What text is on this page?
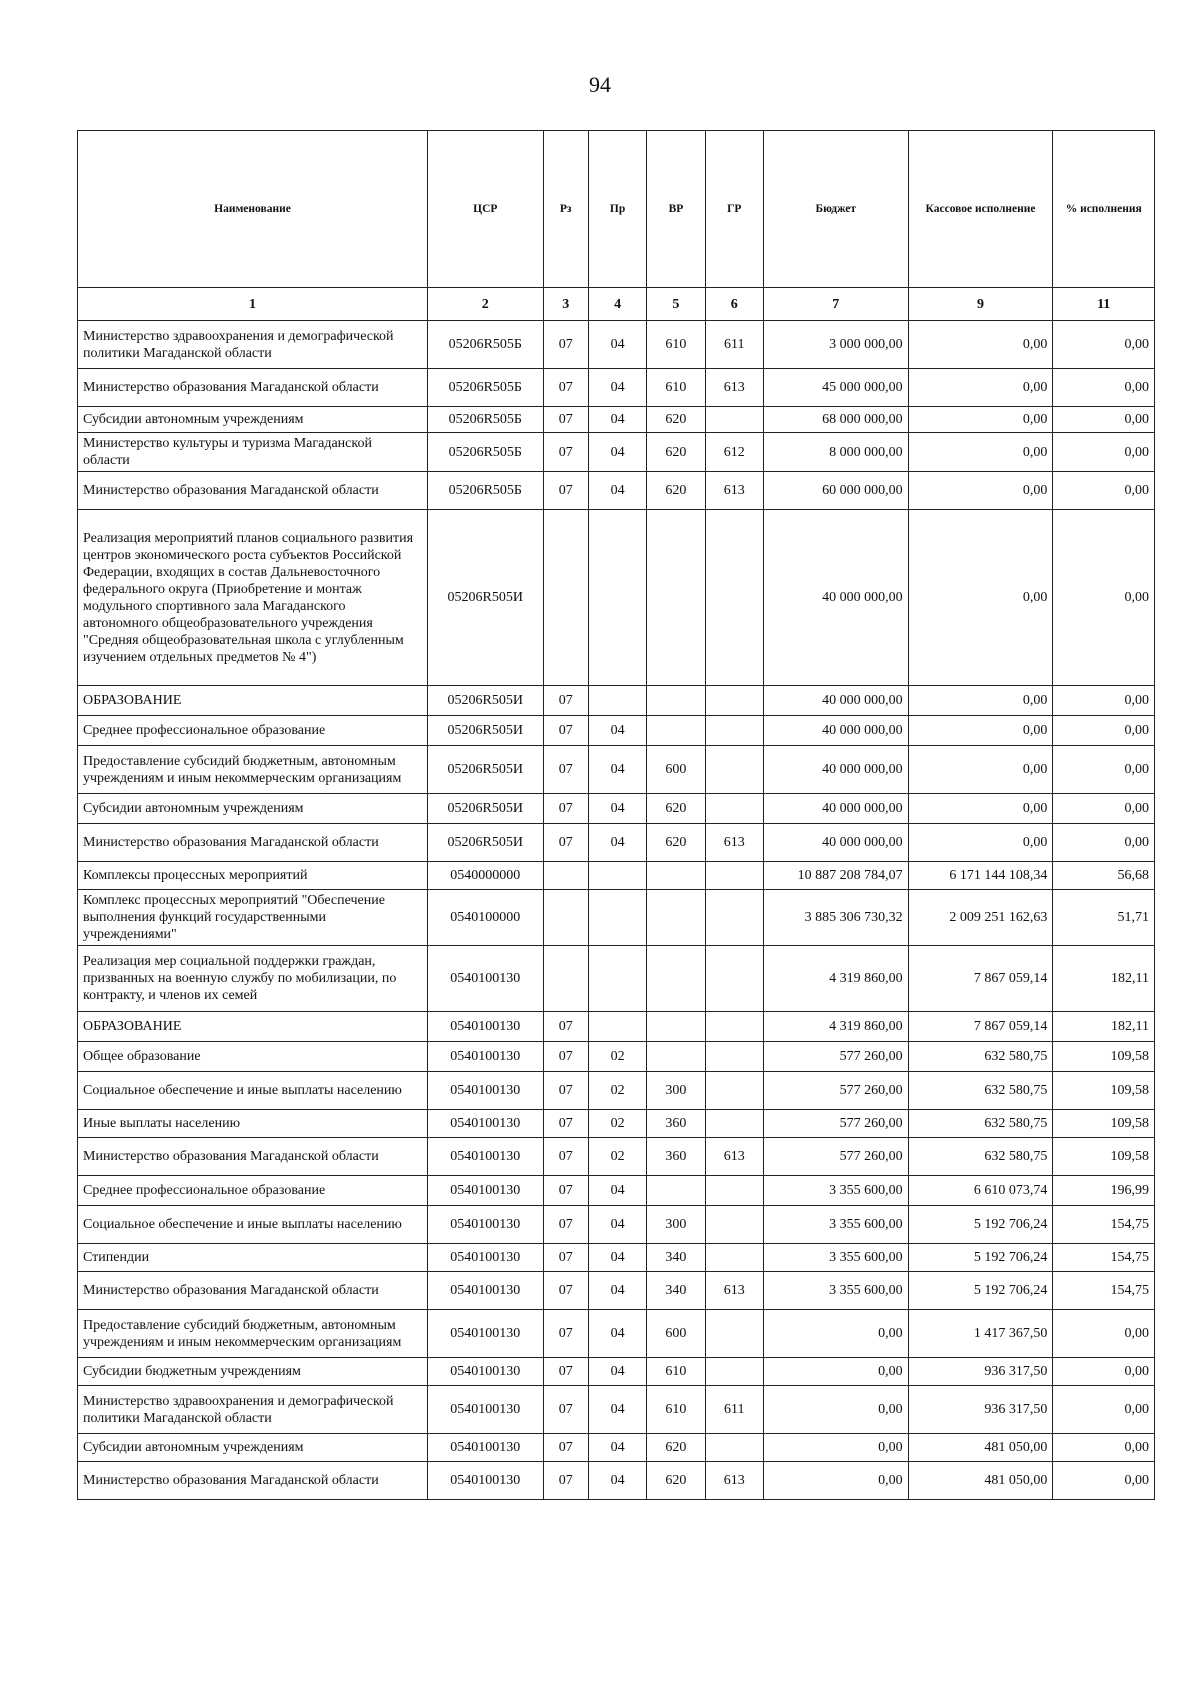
94
Наименование	ЦСР	Рз	Пр	ВР	ГР	Бюджет	Кассовое исполнение	% исполнения
1	2	3	4	5	6	7	9	11
Министерство здравоохранения и демографической политики Магаданской области	05206R505Б	07	04	610	611	3 000 000,00	0,00	0,00
Министерство образования Магаданской области	05206R505Б	07	04	610	613	45 000 000,00	0,00	0,00
Субсидии автономным учреждениям	05206R505Б	07	04	620		68 000 000,00	0,00	0,00
Министерство культуры и туризма Магаданской области	05206R505Б	07	04	620	612	8 000 000,00	0,00	0,00
Министерство образования Магаданской области	05206R505Б	07	04	620	613	60 000 000,00	0,00	0,00
Реализация мероприятий планов социального развития центров экономического роста субъектов Российской Федерации, входящих в состав Дальневосточного федерального округа (Приобретение и монтаж модульного спортивного зала Магаданского автономного общеобразовательного учреждения "Средняя общеобразовательная школа с углубленным изучением отдельных предметов № 4")	05206R505И					40 000 000,00	0,00	0,00
ОБРАЗОВАНИЕ	05206R505И	07				40 000 000,00	0,00	0,00
Среднее профессиональное образование	05206R505И	07	04			40 000 000,00	0,00	0,00
Предоставление субсидий бюджетным, автономным учреждениям и иным некоммерческим организациям	05206R505И	07	04	600		40 000 000,00	0,00	0,00
Субсидии автономным учреждениям	05206R505И	07	04	620		40 000 000,00	0,00	0,00
Министерство образования Магаданской области	05206R505И	07	04	620	613	40 000 000,00	0,00	0,00
Комплексы процессных мероприятий	0540000000					10 887 208 784,07	6 171 144 108,34	56,68
Комплекс процессных мероприятий "Обеспечение выполнения функций государственными учреждениями"	0540100000					3 885 306 730,32	2 009 251 162,63	51,71
Реализация мер социальной поддержки граждан, призванных на военную службу по мобилизации, по контракту, и членов их семей	0540100130					4 319 860,00	7 867 059,14	182,11
ОБРАЗОВАНИЕ	0540100130	07				4 319 860,00	7 867 059,14	182,11
Общее образование	0540100130	07	02			577 260,00	632 580,75	109,58
Социальное обеспечение и иные выплаты населению	0540100130	07	02	300		577 260,00	632 580,75	109,58
Иные выплаты населению	0540100130	07	02	360		577 260,00	632 580,75	109,58
Министерство образования Магаданской области	0540100130	07	02	360	613	577 260,00	632 580,75	109,58
Среднее профессиональное образование	0540100130	07	04			3 355 600,00	6 610 073,74	196,99
Социальное обеспечение и иные выплаты населению	0540100130	07	04	300		3 355 600,00	5 192 706,24	154,75
Стипендии	0540100130	07	04	340		3 355 600,00	5 192 706,24	154,75
Министерство образования Магаданской области	0540100130	07	04	340	613	3 355 600,00	5 192 706,24	154,75
Предоставление субсидий бюджетным, автономным учреждениям и иным некоммерческим организациям	0540100130	07	04	600		0,00	1 417 367,50	0,00
Субсидии бюджетным учреждениям	0540100130	07	04	610		0,00	936 317,50	0,00
Министерство здравоохранения и демографической политики Магаданской области	0540100130	07	04	610	611	0,00	936 317,50	0,00
Субсидии автономным учреждениям	0540100130	07	04	620		0,00	481 050,00	0,00
Министерство образования Магаданской области	0540100130	07	04	620	613	0,00	481 050,00	0,00
